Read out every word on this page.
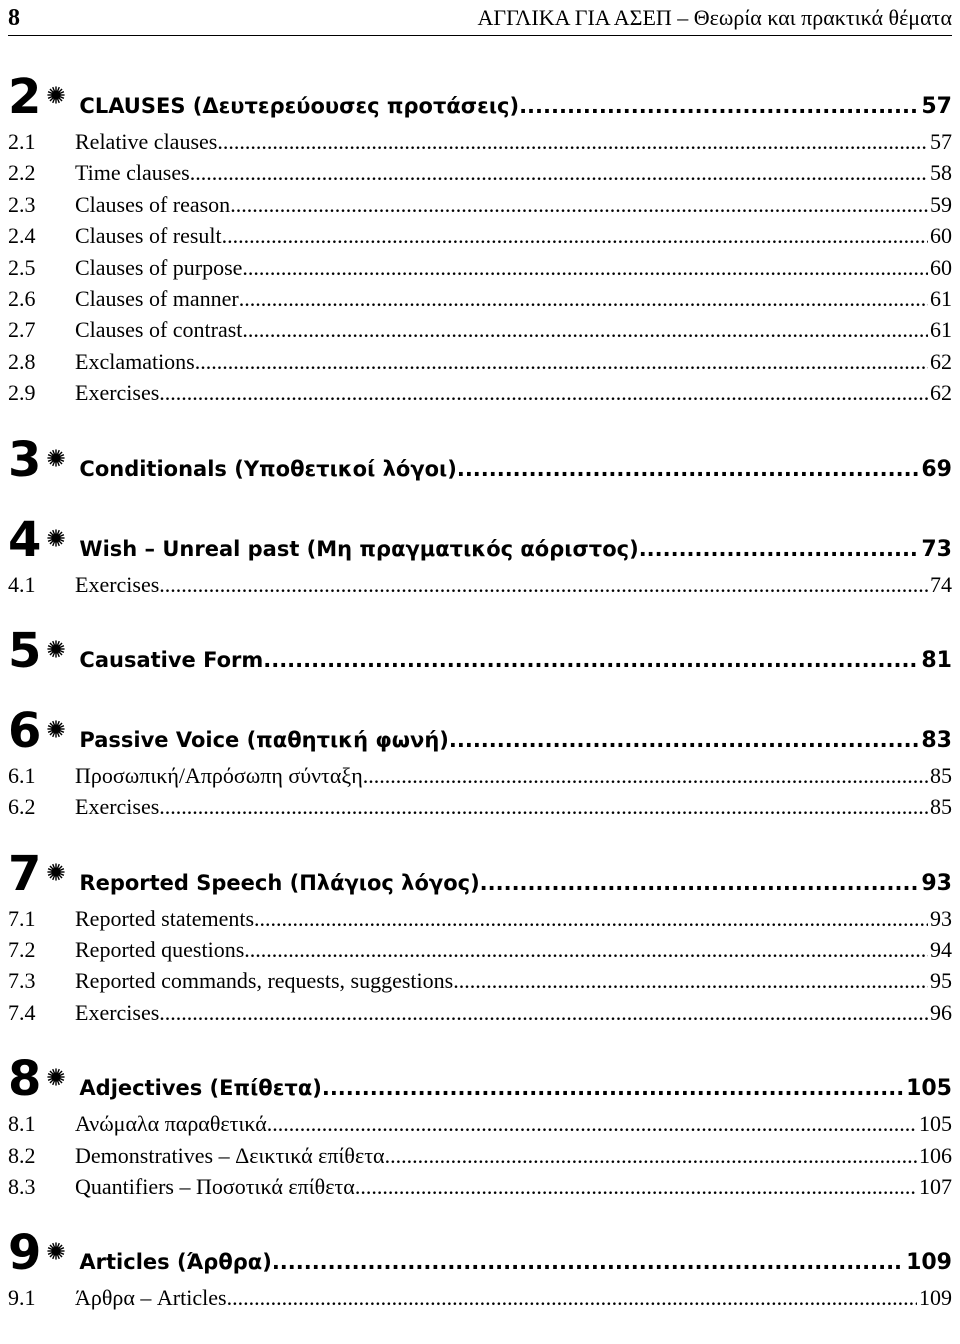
8	ΑΓΓΛΙΚΑ ΓΙΑ ΑΣΕΠ – Θεωρία και πρακτικά θέματα
2 CLAUSES (Δευτερεύουσες προτάσεις) .....	57
2.1	Relative clauses .....	57
2.2	Time clauses .....	58
2.3	Clauses of reason .....	59
2.4	Clauses of result .....	60
2.5	Clauses of purpose .....	60
2.6	Clauses of manner .....	61
2.7	Clauses of contrast .....	61
2.8	Exclamations .....	62
2.9	Exercises .....	62
3 Conditionals (Υποθετικοί λόγοι) .....	69
4 Wish – Unreal past (Μη πραγματικός αόριστος) .....	73
4.1	Exercises .....	74
5 Causative Form .....	81
6 Passive Voice (παθητική φωνή) .....	83
6.1	Προσωπική/Απρόσωπη σύνταξη .....	85
6.2	Exercises .....	85
7 Reported Speech (Πλάγιος λόγος) .....	93
7.1	Reported statements .....	93
7.2	Reported questions .....	94
7.3	Reported commands, requests, suggestions .....	95
7.4	Exercises .....	96
8 Adjectives (Επίθετα) .....	105
8.1	Ανώμαλα παραθετικά .....	105
8.2	Demonstratives – Δεικτικά επίθετα .....	106
8.3	Quantifiers – Ποσοτικά επίθετα .....	107
9 Articles (Άρθρα) .....	109
9.1	Άρθρα – Articles .....	109
